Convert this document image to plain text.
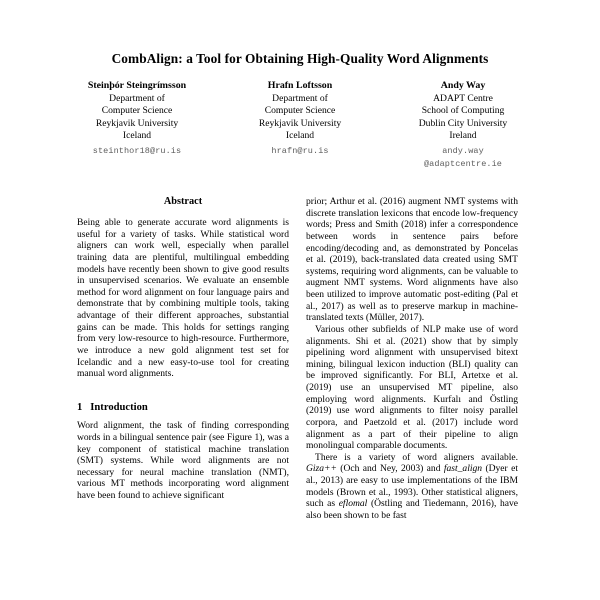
CombAlign: a Tool for Obtaining High-Quality Word Alignments
Steinþór Steingrímsson
Department of
Computer Science
Reykjavik University
Iceland
steinthor18@ru.is
Hrafn Loftsson
Department of
Computer Science
Reykjavik University
Iceland
hrafn@ru.is
Andy Way
ADAPT Centre
School of Computing
Dublin City University
Ireland
andy.way
@adaptcentre.ie
Abstract

Being able to generate accurate word alignments is useful for a variety of tasks. While statistical word aligners can work well, especially when parallel training data are plentiful, multilingual embedding models have recently been shown to give good results in unsupervised scenarios. We evaluate an ensemble method for word alignment on four language pairs and demonstrate that by combining multiple tools, taking advantage of their different approaches, substantial gains can be made. This holds for settings ranging from very low-resource to high-resource. Furthermore, we introduce a new gold alignment test set for Icelandic and a new easy-to-use tool for creating manual word alignments.

1 Introduction

Word alignment, the task of finding corresponding words in a bilingual sentence pair (see Figure 1), was a key component of statistical machine translation (SMT) systems. While word alignments are not necessary for neural machine translation (NMT), various MT methods incorporating word alignment have been found to achieve significant

prior; Arthur et al. (2016) augment NMT systems with discrete translation lexicons that encode low-frequency words; Press and Smith (2018) infer a correspondence between words in sentence pairs before encoding/decoding and, as demonstrated by Poncelas et al. (2019), back-translated data created using SMT systems, requiring word alignments, can be valuable to augment NMT systems. Word alignments have also been utilized to improve automatic post-editing (Pal et al., 2017) as well as to preserve markup in machine-translated texts (Müller, 2017).

Various other subfields of NLP make use of word alignments. Shi et al. (2021) show that by simply pipelining word alignment with unsupervised bitext mining, bilingual lexicon induction (BLI) quality can be improved significantly. For BLI, Artetxe et al. (2019) use an unsupervised MT pipeline, also employing word alignments. Kurfalı and Östling (2019) use word alignments to filter noisy parallel corpora, and Paetzold et al. (2017) include word alignment as a part of their pipeline to align monolingual comparable documents.

There is a variety of word aligners available. Giza++ (Och and Ney, 2003) and fast_align (Dyer et al., 2013) are easy to use implementations of the IBM models (Brown et al., 1993). Other statistical aligners, such as eflomal (Östling and Tiedemann, 2016), have also been shown to be fast
